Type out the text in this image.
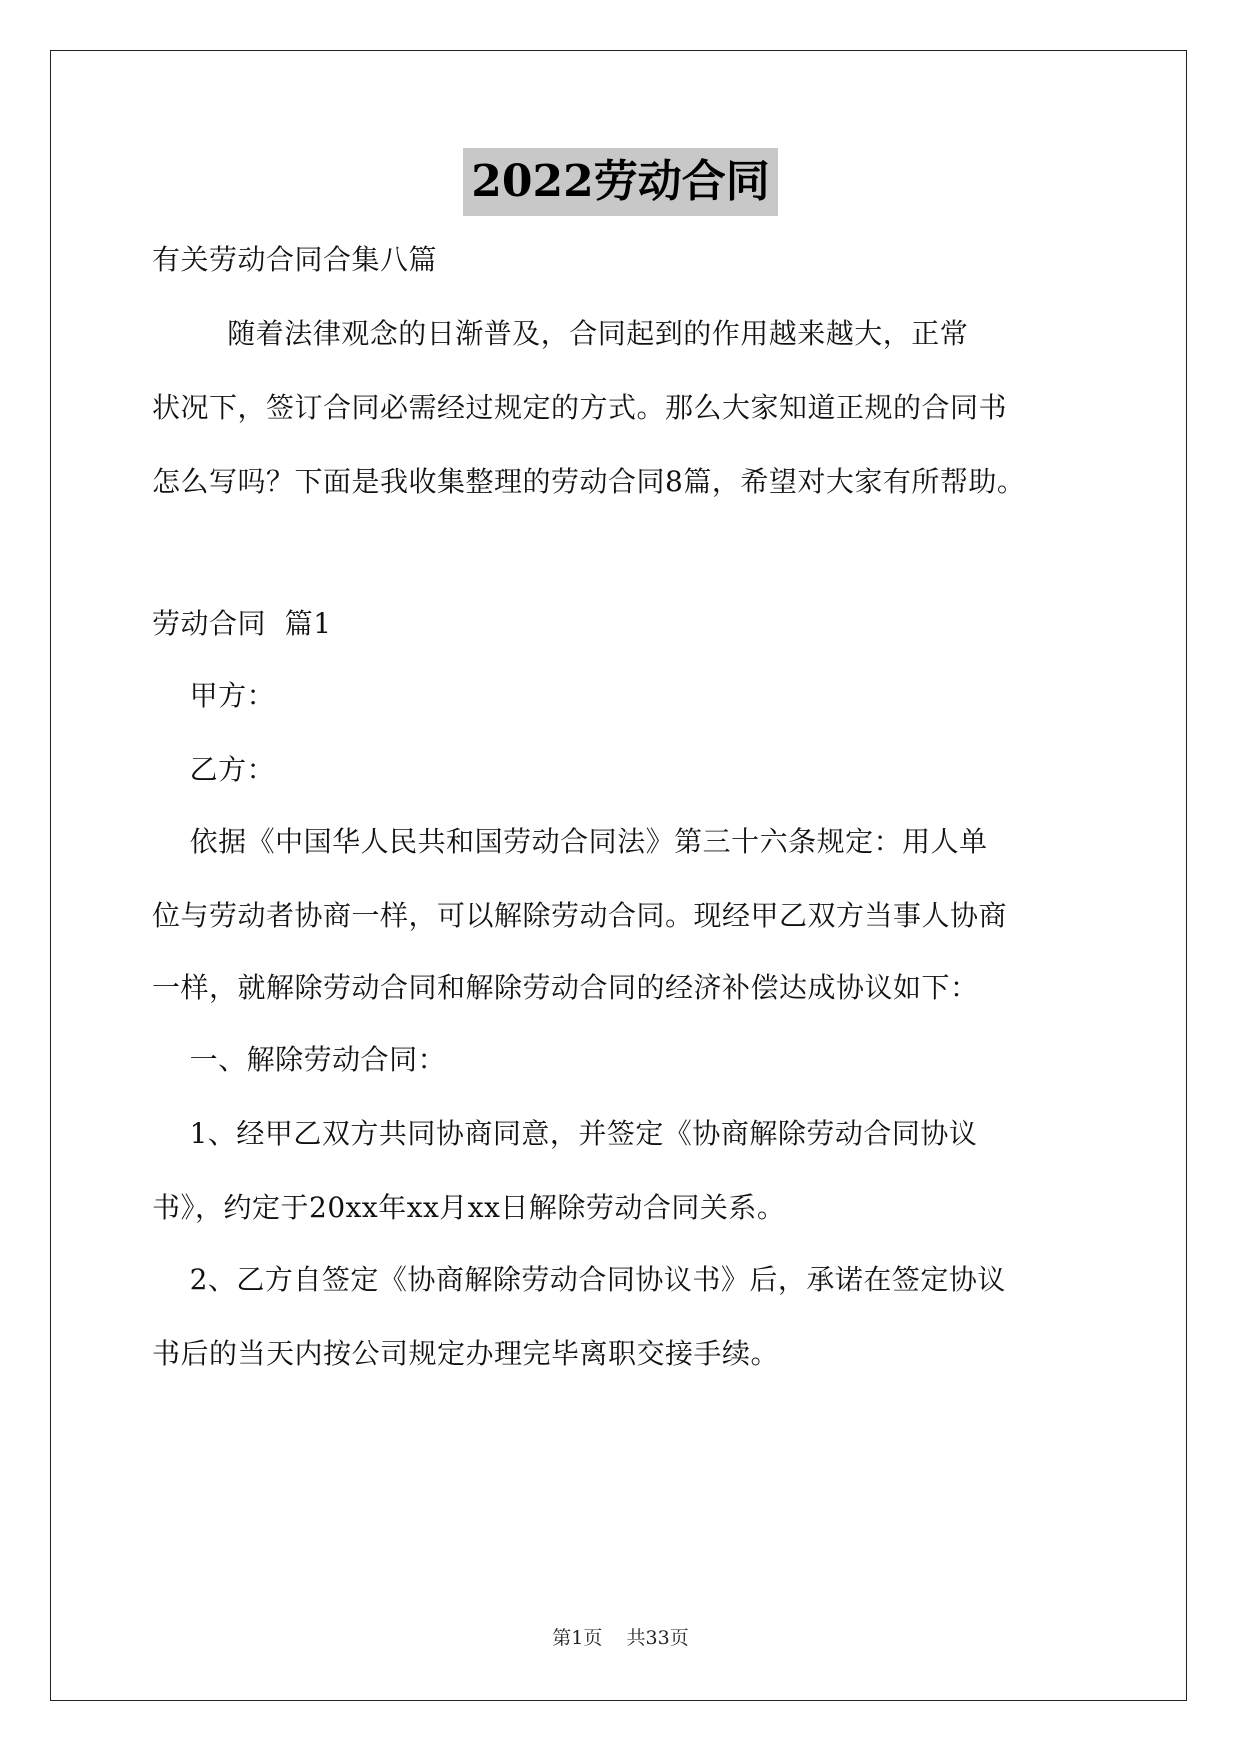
2022劳动合同
有关劳动合同合集八篇
随着法律观念的日渐普及，合同起到的作用越来越大，正常
状况下，签订合同必需经过规定的方式。那么大家知道正规的合同书
怎么写吗？下面是我收集整理的劳动合同8篇，希望对大家有所帮助。
劳动合同  篇1
甲方：
乙方：
依据《中国华人民共和国劳动合同法》第三十六条规定：用人单
位与劳动者协商一样，可以解除劳动合同。现经甲乙双方当事人协商
一样，就解除劳动合同和解除劳动合同的经济补偿达成协议如下：
一、解除劳动合同：
1、经甲乙双方共同协商同意，并签定《协商解除劳动合同协议
书》，约定于20xx年xx月xx日解除劳动合同关系。
2、乙方自签定《协商解除劳动合同协议书》后，承诺在签定协议
书后的当天内按公司规定办理完毕离职交接手续。
第1页 共33页
